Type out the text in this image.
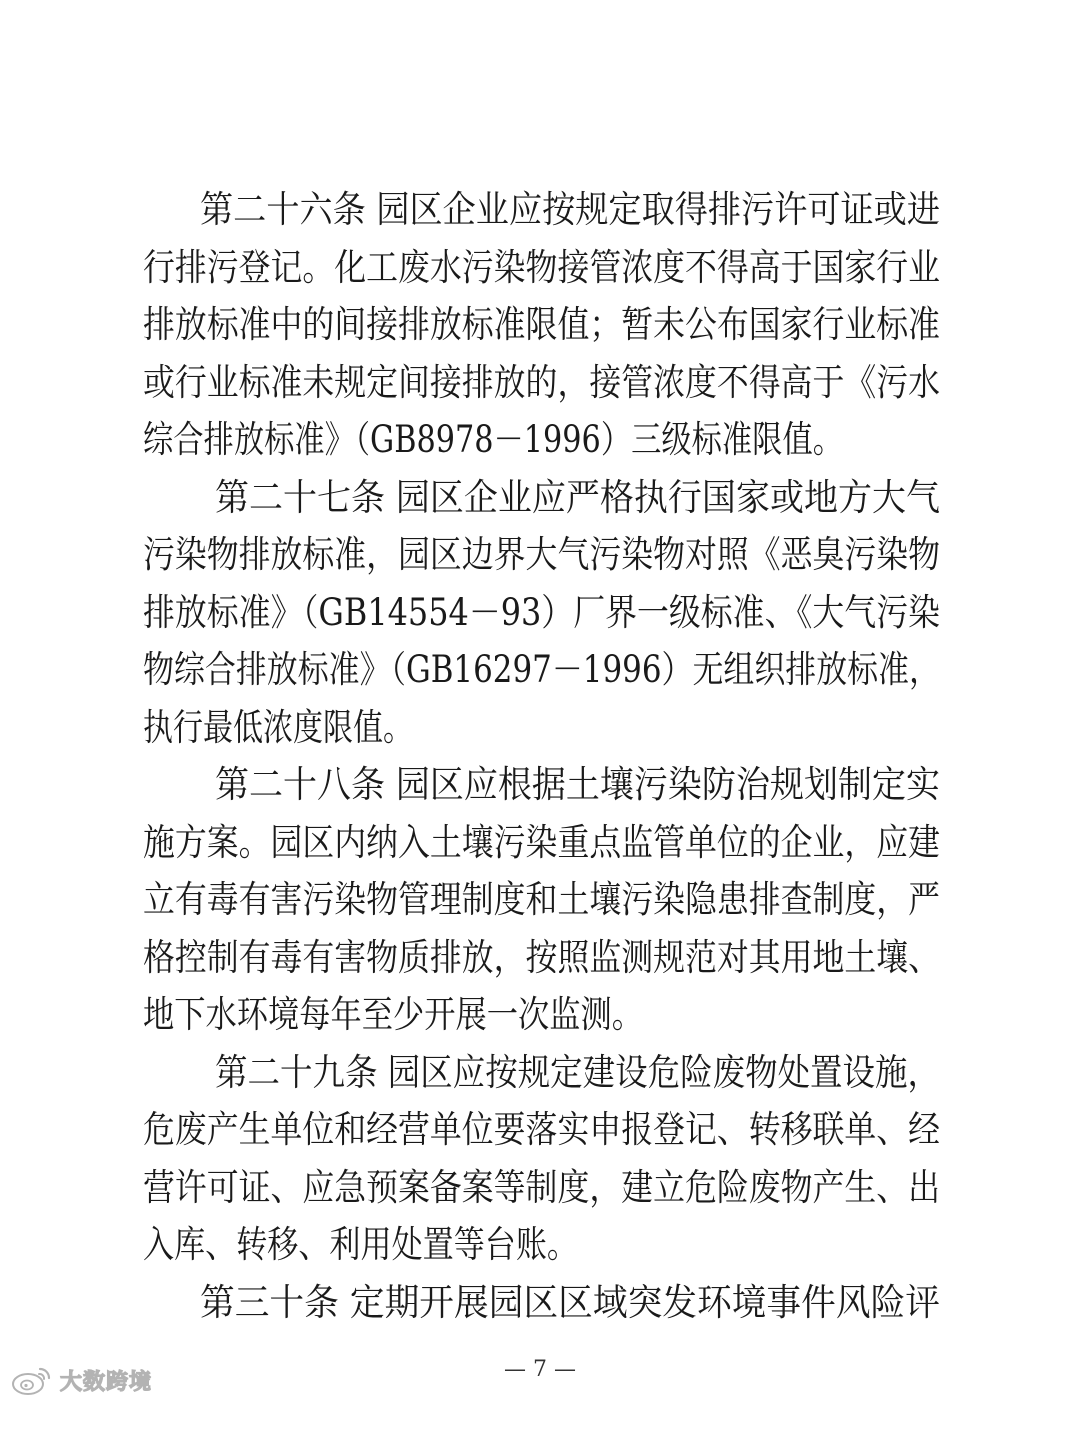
第二十六条 园区企业应按规定取得排污许可证或进
行排污登记。化工废水污染物接管浓度不得高于国家行业
排放标准中的间接排放标准限值；暂未公布国家行业标准
或行业标准未规定间接排放的，接管浓度不得高于《污水
综合排放标准》（GB8978－1996）三级标准限值。
第二十七条 园区企业应严格执行国家或地方大气
污染物排放标准，园区边界大气污染物对照《恶臭污染物
排放标准》（GB14554－93）厂界一级标准、《大气污染
物综合排放标准》（GB16297－1996）无组织排放标准，
执行最低浓度限值。
第二十八条 园区应根据土壤污染防治规划制定实
施方案。园区内纳入土壤污染重点监管单位的企业，应建
立有毒有害污染物管理制度和土壤污染隐患排查制度，严
格控制有毒有害物质排放，按照监测规范对其用地土壤、
地下水环境每年至少开展一次监测。
第二十九条 园区应按规定建设危险废物处置设施，
危废产生单位和经营单位要落实申报登记、转移联单、经
营许可证、应急预案备案等制度，建立危险废物产生、出
入库、转移、利用处置等台账。
第三十条 定期开展园区区域突发环境事件风险评
— 7 —
大数跨境
